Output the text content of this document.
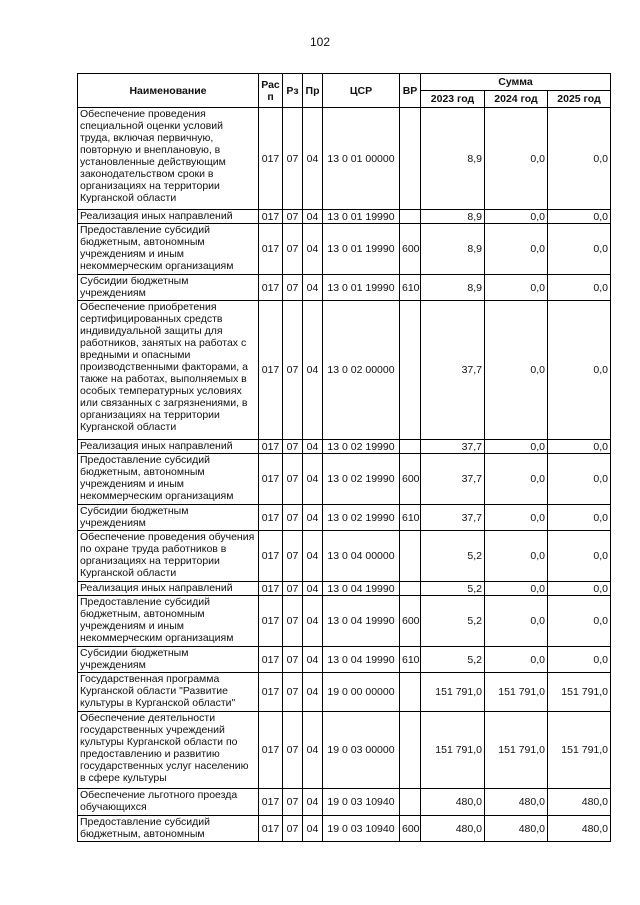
102
Наименование	Рас
п	Рз	Пр	ЦСР	ВР	Сумма		
						2023 год	2024 год	2025 год
Обеспечение проведения специальной оценки условий труда, включая первичную, повторную и внеплановую, в установленные действующим законодательством сроки в организациях на территории Курганской области	017	07	04	13 0 01 00000		8,9	0,0	0,0
Реализация иных направлений	017	07	04	13 0 01 19990		8,9	0,0	0,0
Предоставление субсидий бюджетным, автономным учреждениям и иным некоммерческим организациям	017	07	04	13 0 01 19990	600	8,9	0,0	0,0
Субсидии бюджетным учреждениям	017	07	04	13 0 01 19990	610	8,9	0,0	0,0
Обеспечение приобретения сертифицированных средств индивидуальной защиты для работников, занятых на работах с вредными и опасными производственными факторами, а также на работах, выполняемых в особых температурных условиях или связанных с загрязнениями, в организациях на территории Курганской области	017	07	04	13 0 02 00000		37,7	0,0	0,0
Реализация иных направлений	017	07	04	13 0 02 19990		37,7	0,0	0,0
Предоставление субсидий бюджетным, автономным учреждениям и иным некоммерческим организациям	017	07	04	13 0 02 19990	600	37,7	0,0	0,0
Субсидии бюджетным учреждениям	017	07	04	13 0 02 19990	610	37,7	0,0	0,0
Обеспечение проведения обучения по охране труда работников в организациях на территории Курганской области	017	07	04	13 0 04 00000		5,2	0,0	0,0
Реализация иных направлений	017	07	04	13 0 04 19990		5,2	0,0	0,0
Предоставление субсидий бюджетным, автономным учреждениям и иным некоммерческим организациям	017	07	04	13 0 04 19990	600	5,2	0,0	0,0
Субсидии бюджетным учреждениям	017	07	04	13 0 04 19990	610	5,2	0,0	0,0
Государственная программа Курганской области "Развитие культуры в Курганской области"	017	07	04	19 0 00 00000		151 791,0	151 791,0	151 791,0
Обеспечение деятельности государственных учреждений культуры Курганской области по предоставлению и развитию государственных услуг населению в сфере культуры	017	07	04	19 0 03 00000		151 791,0	151 791,0	151 791,0
Обеспечение льготного проезда обучающихся	017	07	04	19 0 03 10940		480,0	480,0	480,0
Предоставление субсидий бюджетным, автономным	017	07	04	19 0 03 10940	600	480,0	480,0	480,0
